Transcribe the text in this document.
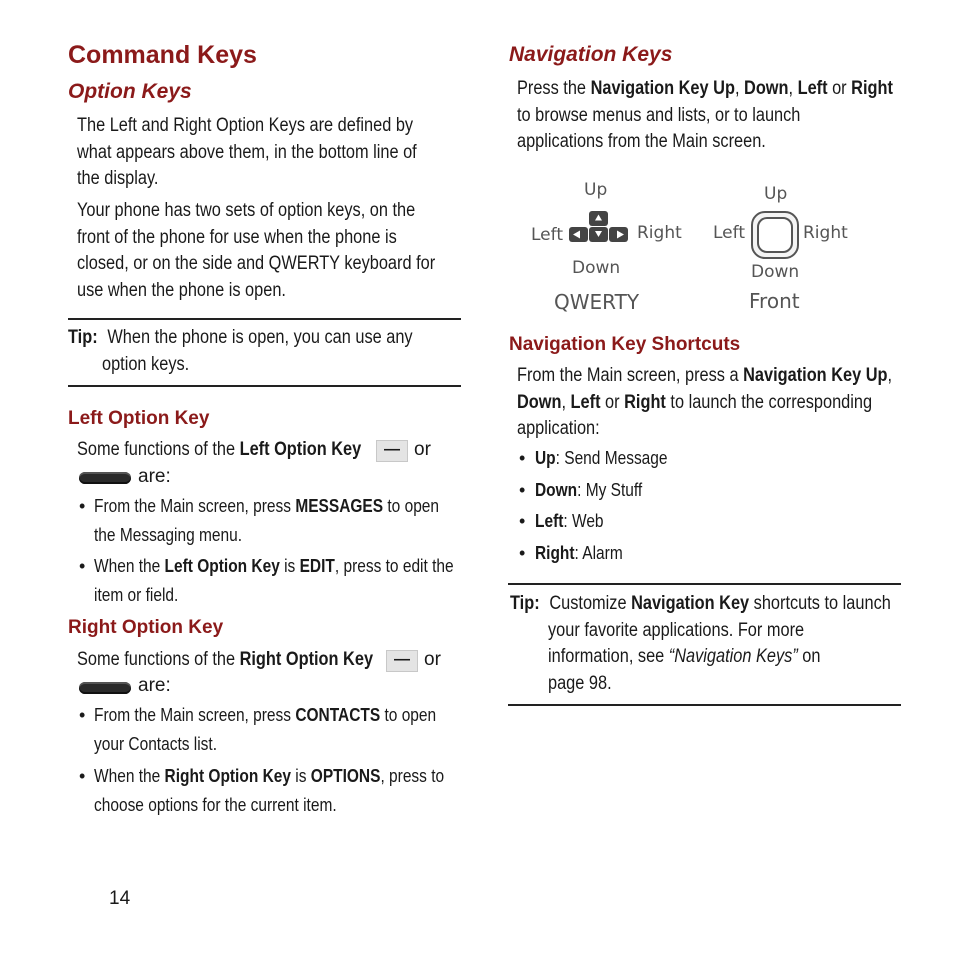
Command Keys
Option Keys
The Left and Right Option Keys are defined by
what appears above them, in the bottom line of
the display.
Your phone has two sets of option keys, on the
front of the phone for use when the phone is
closed, or on the side and QWERTY keyboard for
use when the phone is open.
Tip: When the phone is open, you can use any
option keys.
Left Option Key
Some functions of the Left Option Key	— or
are:
• From the Main screen, press MESSAGES to open
the Messaging menu.
• When the Left Option Key is EDIT, press to edit the
item or field.
Right Option Key
Some functions of the Right Option Key	— or
are:
• From the Main screen, press CONTACTS to open
your Contacts list.
• When the Right Option Key is OPTIONS, press to
choose options for the current item.
14
Navigation Keys
Press the Navigation Key Up, Down, Left or Right
to browse menus and lists, or to launch
applications from the Main screen.
Up
Left	Right
Down
QWERTY
Up
Left	Right
Down
Front
Navigation Key Shortcuts
From the Main screen, press a Navigation Key Up,
Down, Left or Right to launch the corresponding
application:
• Up: Send Message
• Down: My Stuff
• Left: Web
• Right: Alarm
Tip: Customize Navigation Key shortcuts to launch
your favorite applications. For more
information, see “Navigation Keys” on
page 98.
